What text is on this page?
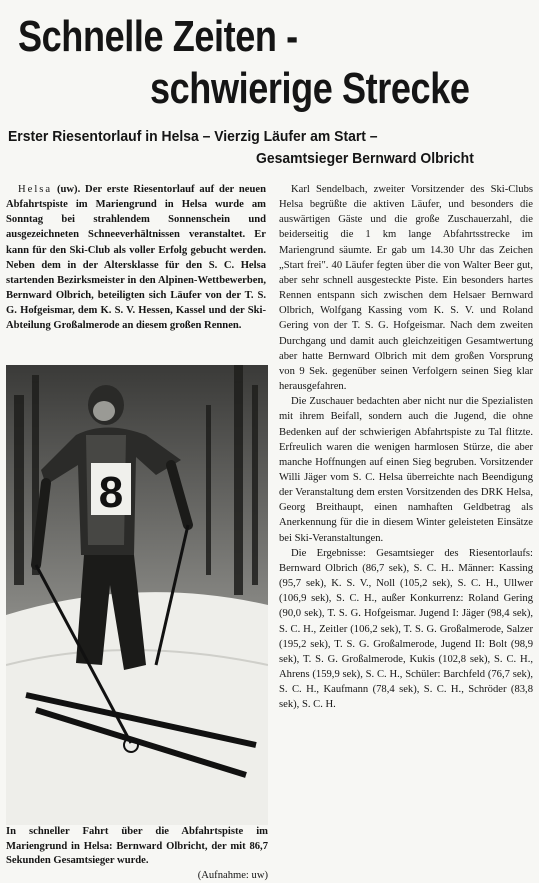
Schnelle Zeiten -
schwierige Strecke
Erster Riesentorlauf in Helsa – Vierzig Läufer am Start –
Gesamtsieger Bernward Olbricht

Helsa (uw). Der erste Riesentorlauf auf der neuen Abfahrtspiste im Mariengrund in Helsa wurde am Sonntag bei strahlendem Sonnenschein und ausgezeichneten Schneeverhältnissen veranstaltet. Er kann für den Ski-Club als voller Erfolg gebucht werden. Neben dem in der Altersklasse für den S. C. Helsa startenden Bezirksmeister in den Alpinen-Wettbewerben, Bernward Olbrich, beteiligten sich Läufer von der T. S. G. Hofgeismar, dem K. S. V. Hessen, Kassel und der Ski-Abteilung Großalmerode an diesem großen Rennen.

8
In schneller Fahrt über die Abfahrtspiste im Mariengrund in Helsa: Bernward Olbricht, der mit 86,7 Sekunden Gesamtsieger wurde.
(Aufnahme: uw)

Karl Sendelbach, zweiter Vorsitzender des Ski-Clubs Helsa begrüßte die aktiven Läufer, und besonders die auswärtigen Gäste und die große Zuschauerzahl, die beiderseitig die 1 km lange Abfahrtsstrecke im Mariengrund säumte. Er gab um 14.30 Uhr das Zeichen „Start frei". 40 Läufer fegten über die von Walter Beer gut, aber sehr schnell ausgesteckte Piste. Ein besonders hartes Rennen entspann sich zwischen dem Helsaer Bernward Olbrich, Wolfgang Kassing vom K. S. V. und Roland Gering von der T. S. G. Hofgeismar. Nach dem zweiten Durchgang und damit auch gleichzeitigen Gesamtwertung aber hatte Bernward Olbrich mit dem großen Vorsprung von 9 Sek. gegenüber seinen Verfolgern seinen Sieg klar herausgefahren.

Die Zuschauer bedachten aber nicht nur die Spezialisten mit ihrem Beifall, sondern auch die Jugend, die ohne Bedenken auf der schwierigen Abfahrtspiste zu Tal flitzte. Erfreulich waren die wenigen harmlosen Stürze, die aber manche Hoffnungen auf einen Sieg begruben. Vorsitzender Willi Jäger vom S. C. Helsa überreichte nach Beendigung der Veranstaltung dem ersten Vorsitzenden des DRK Helsa, Georg Breithaupt, einen namhaften Geldbetrag als Anerkennung für die in diesem Winter geleisteten Einsätze bei Ski-Veranstaltungen.

Die Ergebnisse: Gesamtsieger des Riesentorlaufs: Bernward Olbrich (86,7 sek), S. C. H.. Männer: Kassing (95,7 sek), K. S. V., Noll (105,2 sek), S. C. H., Ullwer (106,9 sek), S. C. H., außer Konkurrenz: Roland Gering (90,0 sek), T. S. G. Hofgeismar. Jugend I: Jäger (98,4 sek), S. C. H., Zeitler (106,2 sek), T. S. G. Großalmerode, Salzer (195,2 sek), T. S. G. Großalmerode, Jugend II: Bolt (98,9 sek), T. S. G. Großalmerode, Kukis (102,8 sek), S. C. H., Ahrens (159,9 sek), S. C. H., Schüler: Barchfeld (76,7 sek), S. C. H., Kaufmann (78,4 sek), S. C. H., Schröder (83,8 sek), S. C. H.
